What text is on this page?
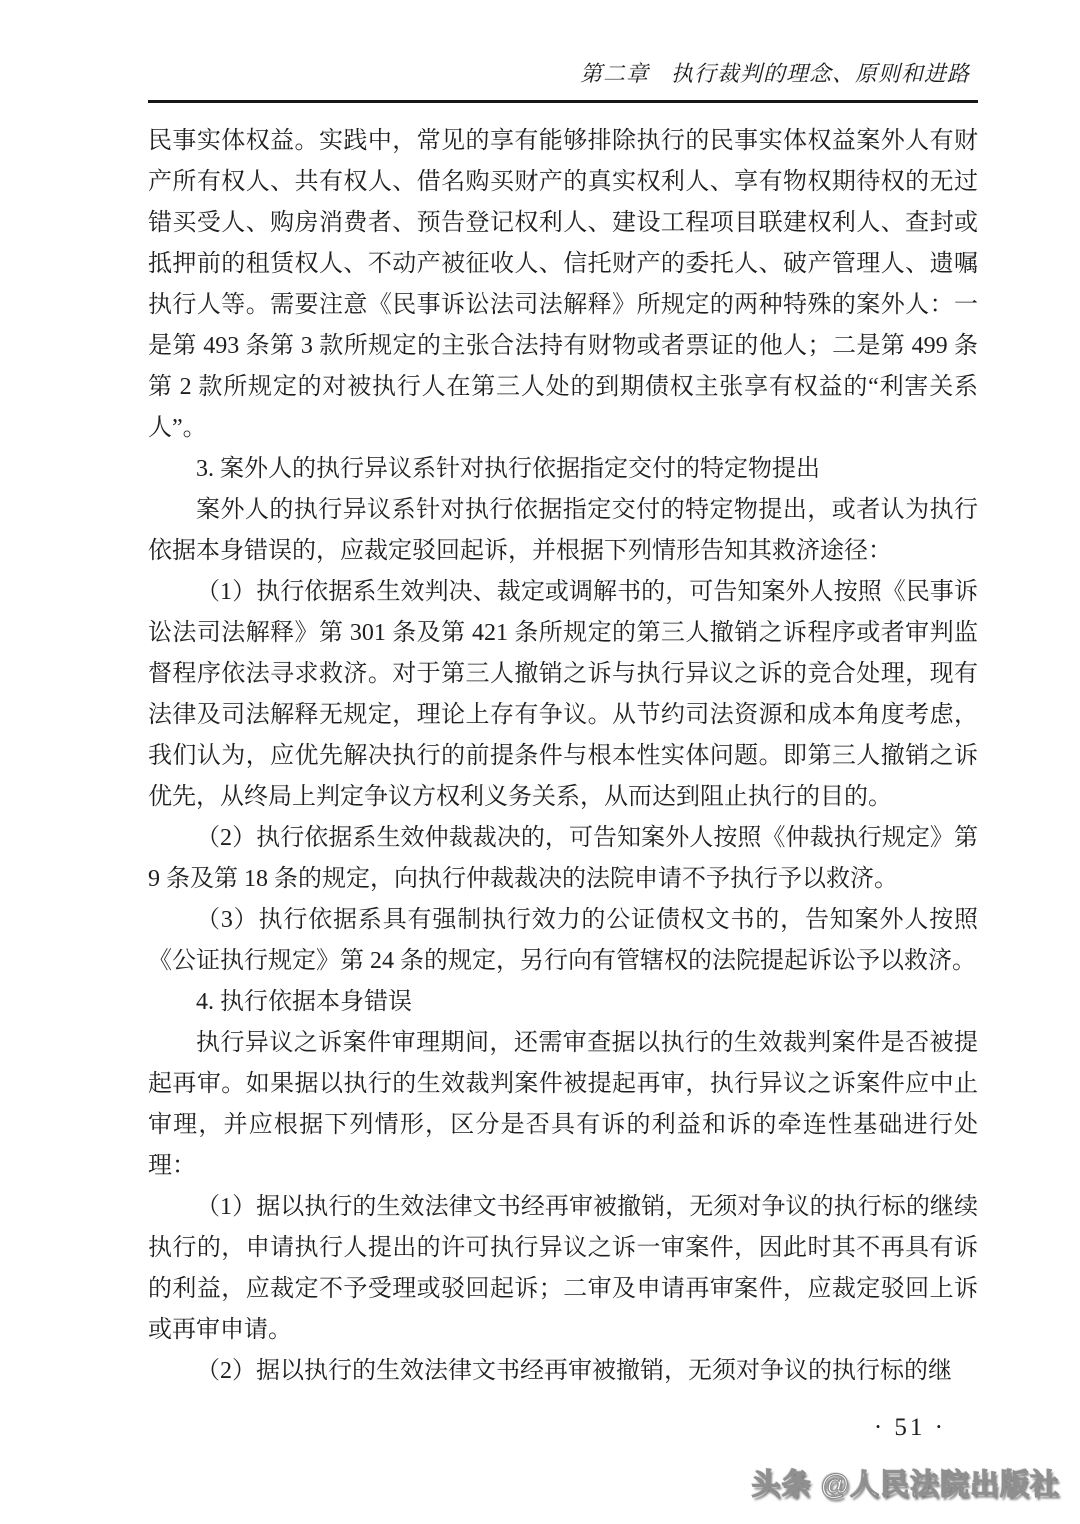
第二章 执行裁判的理念、原则和进路

民事实体权益。实践中，常见的享有能够排除执行的民事实体权益案外人有财产所有权人、共有权人、借名购买财产的真实权利人、享有物权期待权的无过错买受人、购房消费者、预告登记权利人、建设工程项目联建权利人、查封或抵押前的租赁权人、不动产被征收人、信托财产的委托人、破产管理人、遗嘱执行人等。需要注意《民事诉讼法司法解释》所规定的两种特殊的案外人：一是第 493 条第 3 款所规定的主张合法持有财物或者票证的他人；二是第 499 条第 2 款所规定的对被执行人在第三人处的到期债权主张享有权益的“利害关系人”。

3. 案外人的执行异议系针对执行依据指定交付的特定物提出

案外人的执行异议系针对执行依据指定交付的特定物提出，或者认为执行依据本身错误的，应裁定驳回起诉，并根据下列情形告知其救济途径：

（1）执行依据系生效判决、裁定或调解书的，可告知案外人按照《民事诉讼法司法解释》第 301 条及第 421 条所规定的第三人撤销之诉程序或者审判监督程序依法寻求救济。对于第三人撤销之诉与执行异议之诉的竞合处理，现有法律及司法解释无规定，理论上存有争议。从节约司法资源和成本角度考虑，我们认为，应优先解决执行的前提条件与根本性实体问题。即第三人撤销之诉优先，从终局上判定争议方权利义务关系，从而达到阻止执行的目的。

（2）执行依据系生效仲裁裁决的，可告知案外人按照《仲裁执行规定》第 9 条及第 18 条的规定，向执行仲裁裁决的法院申请不予执行予以救济。

（3）执行依据系具有强制执行效力的公证债权文书的，告知案外人按照《公证执行规定》第 24 条的规定，另行向有管辖权的法院提起诉讼予以救济。

4. 执行依据本身错误

执行异议之诉案件审理期间，还需审查据以执行的生效裁判案件是否被提起再审。如果据以执行的生效裁判案件被提起再审，执行异议之诉案件应中止审理，并应根据下列情形，区分是否具有诉的利益和诉的牵连性基础进行处理：

（1）据以执行的生效法律文书经再审被撤销，无须对争议的执行标的继续执行的，申请执行人提出的许可执行异议之诉一审案件，因此时其不再具有诉的利益，应裁定不予受理或驳回起诉；二审及申请再审案件，应裁定驳回上诉或再审申请。

（2）据以执行的生效法律文书经再审被撤销，无须对争议的执行标的继

· 51 ·
头条 @人民法院出版社
